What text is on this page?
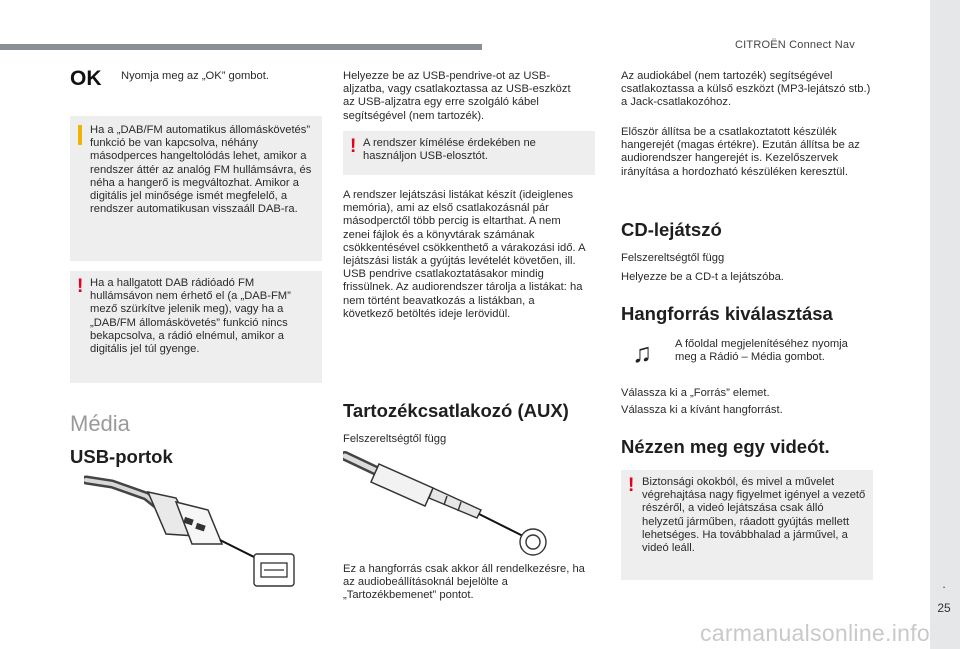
CITROËN Connect Nav
.
25
OK Nyomja meg az „OK” gombot.

Ha a „DAB/FM automatikus állomáskövetés” funkció be van kapcsolva, néhány másodperces hangeltolódás lehet, amikor a rendszer áttér az analóg FM hullámsávra, és néha a hangerő is megváltozhat. Amikor a digitális jel minősége ismét megfelelő, a rendszer automatikusan visszaáll DAB-ra.

! Ha a hallgatott DAB rádióadó FM hullámsávon nem érhető el (a „DAB-FM” mező szürkítve jelenik meg), vagy ha a „DAB/FM állomáskövetés” funkció nincs bekapcsolva, a rádió elnémul, amikor a digitális jel túl gyenge.

Média
USB-portok

Helyezze be az USB-pendrive-ot az USB-aljzatba, vagy csatlakoztassa az USB-eszközt az USB-aljzatra egy erre szolgáló kábel segítségével (nem tartozék).

! A rendszer kímélése érdekében ne használjon USB-elosztót.

A rendszer lejátszási listákat készít (ideiglenes memória), ami az első csatlakozásnál pár másodperctől több percig is eltarthat. A nem zenei fájlok és a könyvtárak számának csökkentésével csökkenthető a várakozási idő. A lejátszási listák a gyújtás levételét követően, ill. USB pendrive csatlakoztatásakor mindig frissülnek. Az audiorendszer tárolja a listákat: ha nem történt beavatkozás a listákban, a következő betöltés ideje lerövidül.

Tartozékcsatlakozó (AUX)

Felszereltségtől függ

Ez a hangforrás csak akkor áll rendelkezésre, ha az audiobeállításoknál bejelölte a „Tartozékbemenet” pontot.

Az audiokábel (nem tartozék) segítségével csatlakoztassa a külső eszközt (MP3-lejátszó stb.) a Jack-csatlakozóhoz.

Először állítsa be a csatlakoztatott készülék hangerejét (magas értékre). Ezután állítsa be az audiorendszer hangerejét is. Kezelőszervek irányítása a hordozható készüléken keresztül.

CD-lejátszó

Felszereltségtől függ

Helyezze be a CD-t a lejátszóba.

Hangforrás kiválasztása
♫ A főoldal megjelenítéséhez nyomja meg a Rádió – Média gombot.

Válassza ki a „Forrás” elemet.

Válassza ki a kívánt hangforrást.

Nézzen meg egy videót.
! Biztonsági okokból, és mivel a művelet végrehajtása nagy figyelmet igényel a vezető részéről, a videó lejátszása csak álló helyzetű járműben, ráadott gyújtás mellett lehetséges. Ha továbbhalad a járművel, a videó leáll.

carmanualsonline.info
